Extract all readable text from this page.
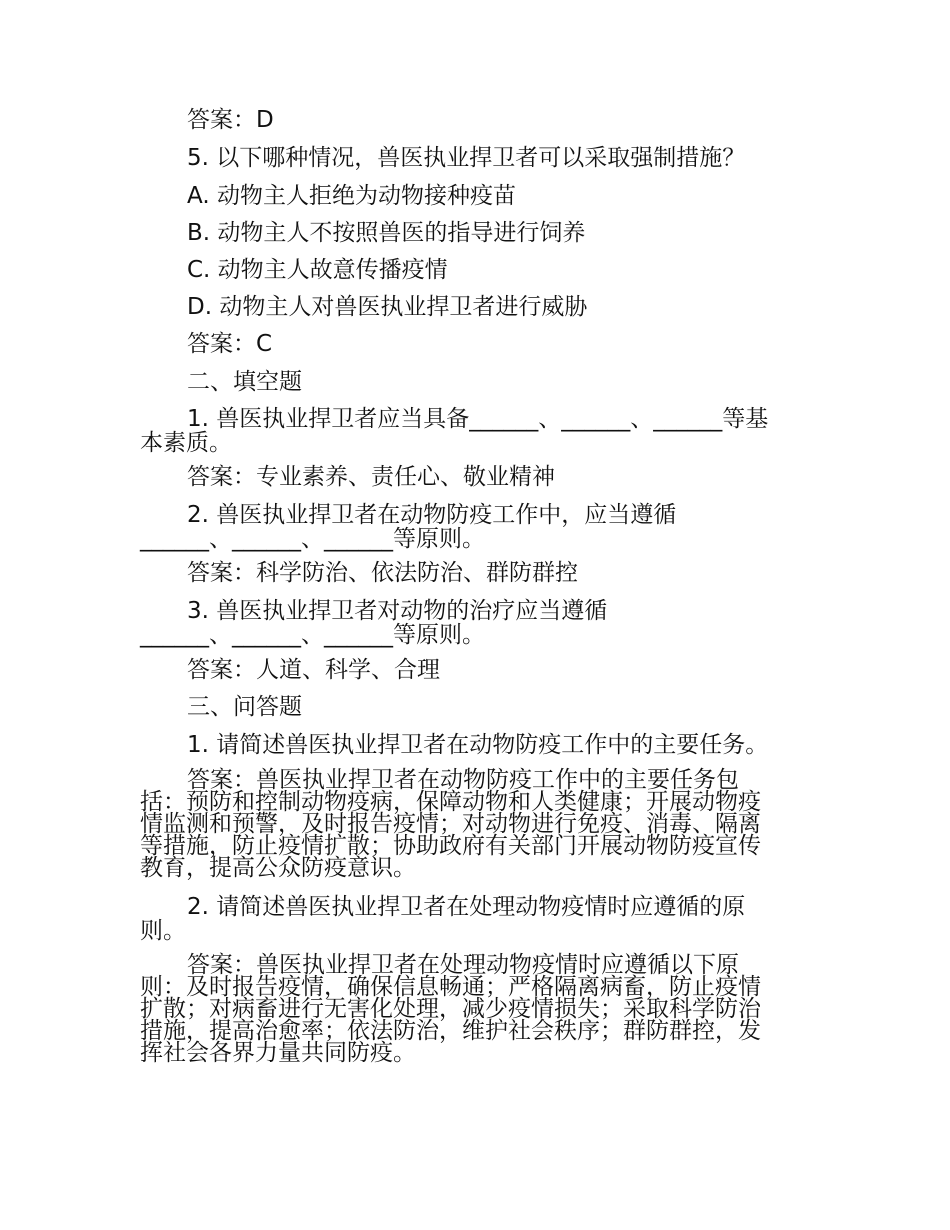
答案：D
5. 以下哪种情况，兽医执业捍卫者可以采取强制措施？
A. 动物主人拒绝为动物接种疫苗
B. 动物主人不按照兽医的指导进行饲养
C. 动物主人故意传播疫情
D. 动物主人对兽医执业捍卫者进行威胁
答案：C
二、填空题
1. 兽医执业捍卫者应当具备______、______、______等基
本素质。
答案：专业素养、责任心、敬业精神
2. 兽医执业捍卫者在动物防疫工作中，应当遵循
______、______、______等原则。
答案：科学防治、依法防治、群防群控
3. 兽医执业捍卫者对动物的治疗应当遵循
______、______、______等原则。
答案：人道、科学、合理
三、问答题
1. 请简述兽医执业捍卫者在动物防疫工作中的主要任务。
答案：兽医执业捍卫者在动物防疫工作中的主要任务包
括：预防和控制动物疫病，保障动物和人类健康；开展动物疫
情监测和预警，及时报告疫情；对动物进行免疫、消毒、隔离
等措施，防止疫情扩散；协助政府有关部门开展动物防疫宣传
教育，提高公众防疫意识。
2. 请简述兽医执业捍卫者在处理动物疫情时应遵循的原
则。
答案：兽医执业捍卫者在处理动物疫情时应遵循以下原
则：及时报告疫情，确保信息畅通；严格隔离病畜，防止疫情
扩散；对病畜进行无害化处理，减少疫情损失；采取科学防治
措施，提高治愈率；依法防治，维护社会秩序；群防群控，发
挥社会各界力量共同防疫。
